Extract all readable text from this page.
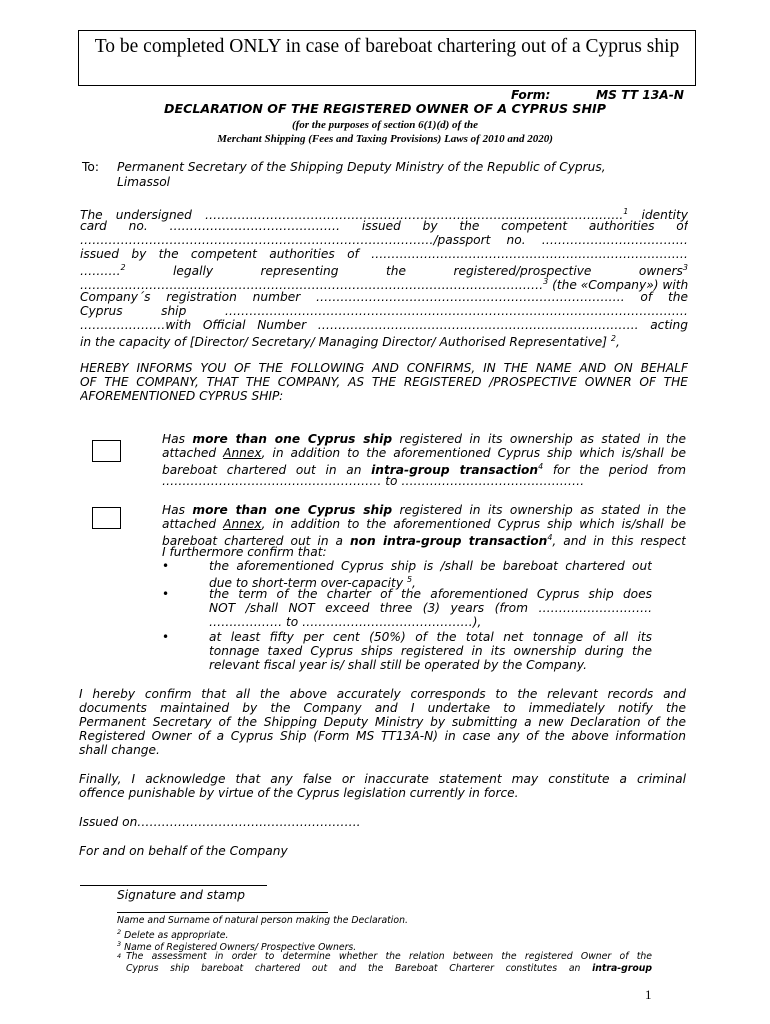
To be completed ONLY in case of bareboat chartering out of a Cyprus ship
Form:	MS TT 13A-N
DECLARATION OF THE REGISTERED OWNER OF A CYPRUS SHIP
(for the purposes of section 6(1)(d) of the
Merchant Shipping (Fees and Taxing Provisions) Laws of 2010 and 2020)
To: Permanent Secretary of the Shipping Deputy Ministry of the Republic of Cyprus,
Limassol
The undersigned ………………………………………………………………………………………….$^1$ identity
card no. …………………………………… issued by the competent authorities of
……………………………………………………………………………/passport no. ………………………………
issued by the competent authorities of ……………………………………………………………………
……….$^2$ legally representing the registered/prospective owners$^3$
……………………………………………………………………………………………………$^3$ (the «Company») with
Company´s registration number …………………………………………………………………. of the
Cyprus ship ……………………………………………………………………………………………………
…………………with Official Number ……………………………………………………………………. acting
in the capacity of [Director/ Secretary/ Managing Director/ Authorised Representative] $^2$,
HEREBY INFORMS YOU OF THE FOLLOWING AND CONFIRMS, IN THE NAME AND ON BEHALF
OF THE COMPANY, THAT THE COMPANY, AS THE REGISTERED /PROSPECTIVE OWNER OF THE
AFOREMENTIONED CYPRUS SHIP:
Has more than one Cyprus ship registered in its ownership as stated in the
attached Annex, in addition to the aforementioned Cyprus ship which is/shall be
bareboat chartered out in an intra-group transaction$^4$ for the period from
……………………………………………… to ………………………………………
Has more than one Cyprus ship registered in its ownership as stated in the
attached Annex, in addition to the aforementioned Cyprus ship which is/shall be
bareboat chartered out in a non intra-group transaction$^4$, and in this respect
I furthermore confirm that:
•	the aforementioned Cyprus ship is /shall be bareboat chartered out
due to short-term over-capacity $^5$,
•	the term of the charter of the aforementioned Cyprus ship does
NOT /shall NOT exceed three (3) years (from ……………………….
……………… to ……………………………………),
•	at least fifty per cent (50%) of the total net tonnage of all its
tonnage taxed Cyprus ships registered in its ownership during the
relevant fiscal year is/ shall still be operated by the Company.
I hereby confirm that all the above accurately corresponds to the relevant records and
documents maintained by the Company and I undertake to immediately notify the
Permanent Secretary of the Shipping Deputy Ministry by submitting a new Declaration of the
Registered Owner of a Cyprus Ship (Form MS TT13A-N) in case any of the above information
shall change.
Finally, I acknowledge that any false or inaccurate statement may constitute a criminal
offence punishable by virtue of the Cyprus legislation currently in force.
Issued on……………………………………………….
For and on behalf of the Company
Signature and stamp
Name and Surname of natural person making the Declaration.
$^2$ Delete as appropriate.
$^3$ Name of Registered Owners/ Prospective Owners.
$^4$ The assessment in order to determine whether the relation between the registered Owner of the
Cyprus ship bareboat chartered out and the Bareboat Charterer constitutes an intra-group
1
